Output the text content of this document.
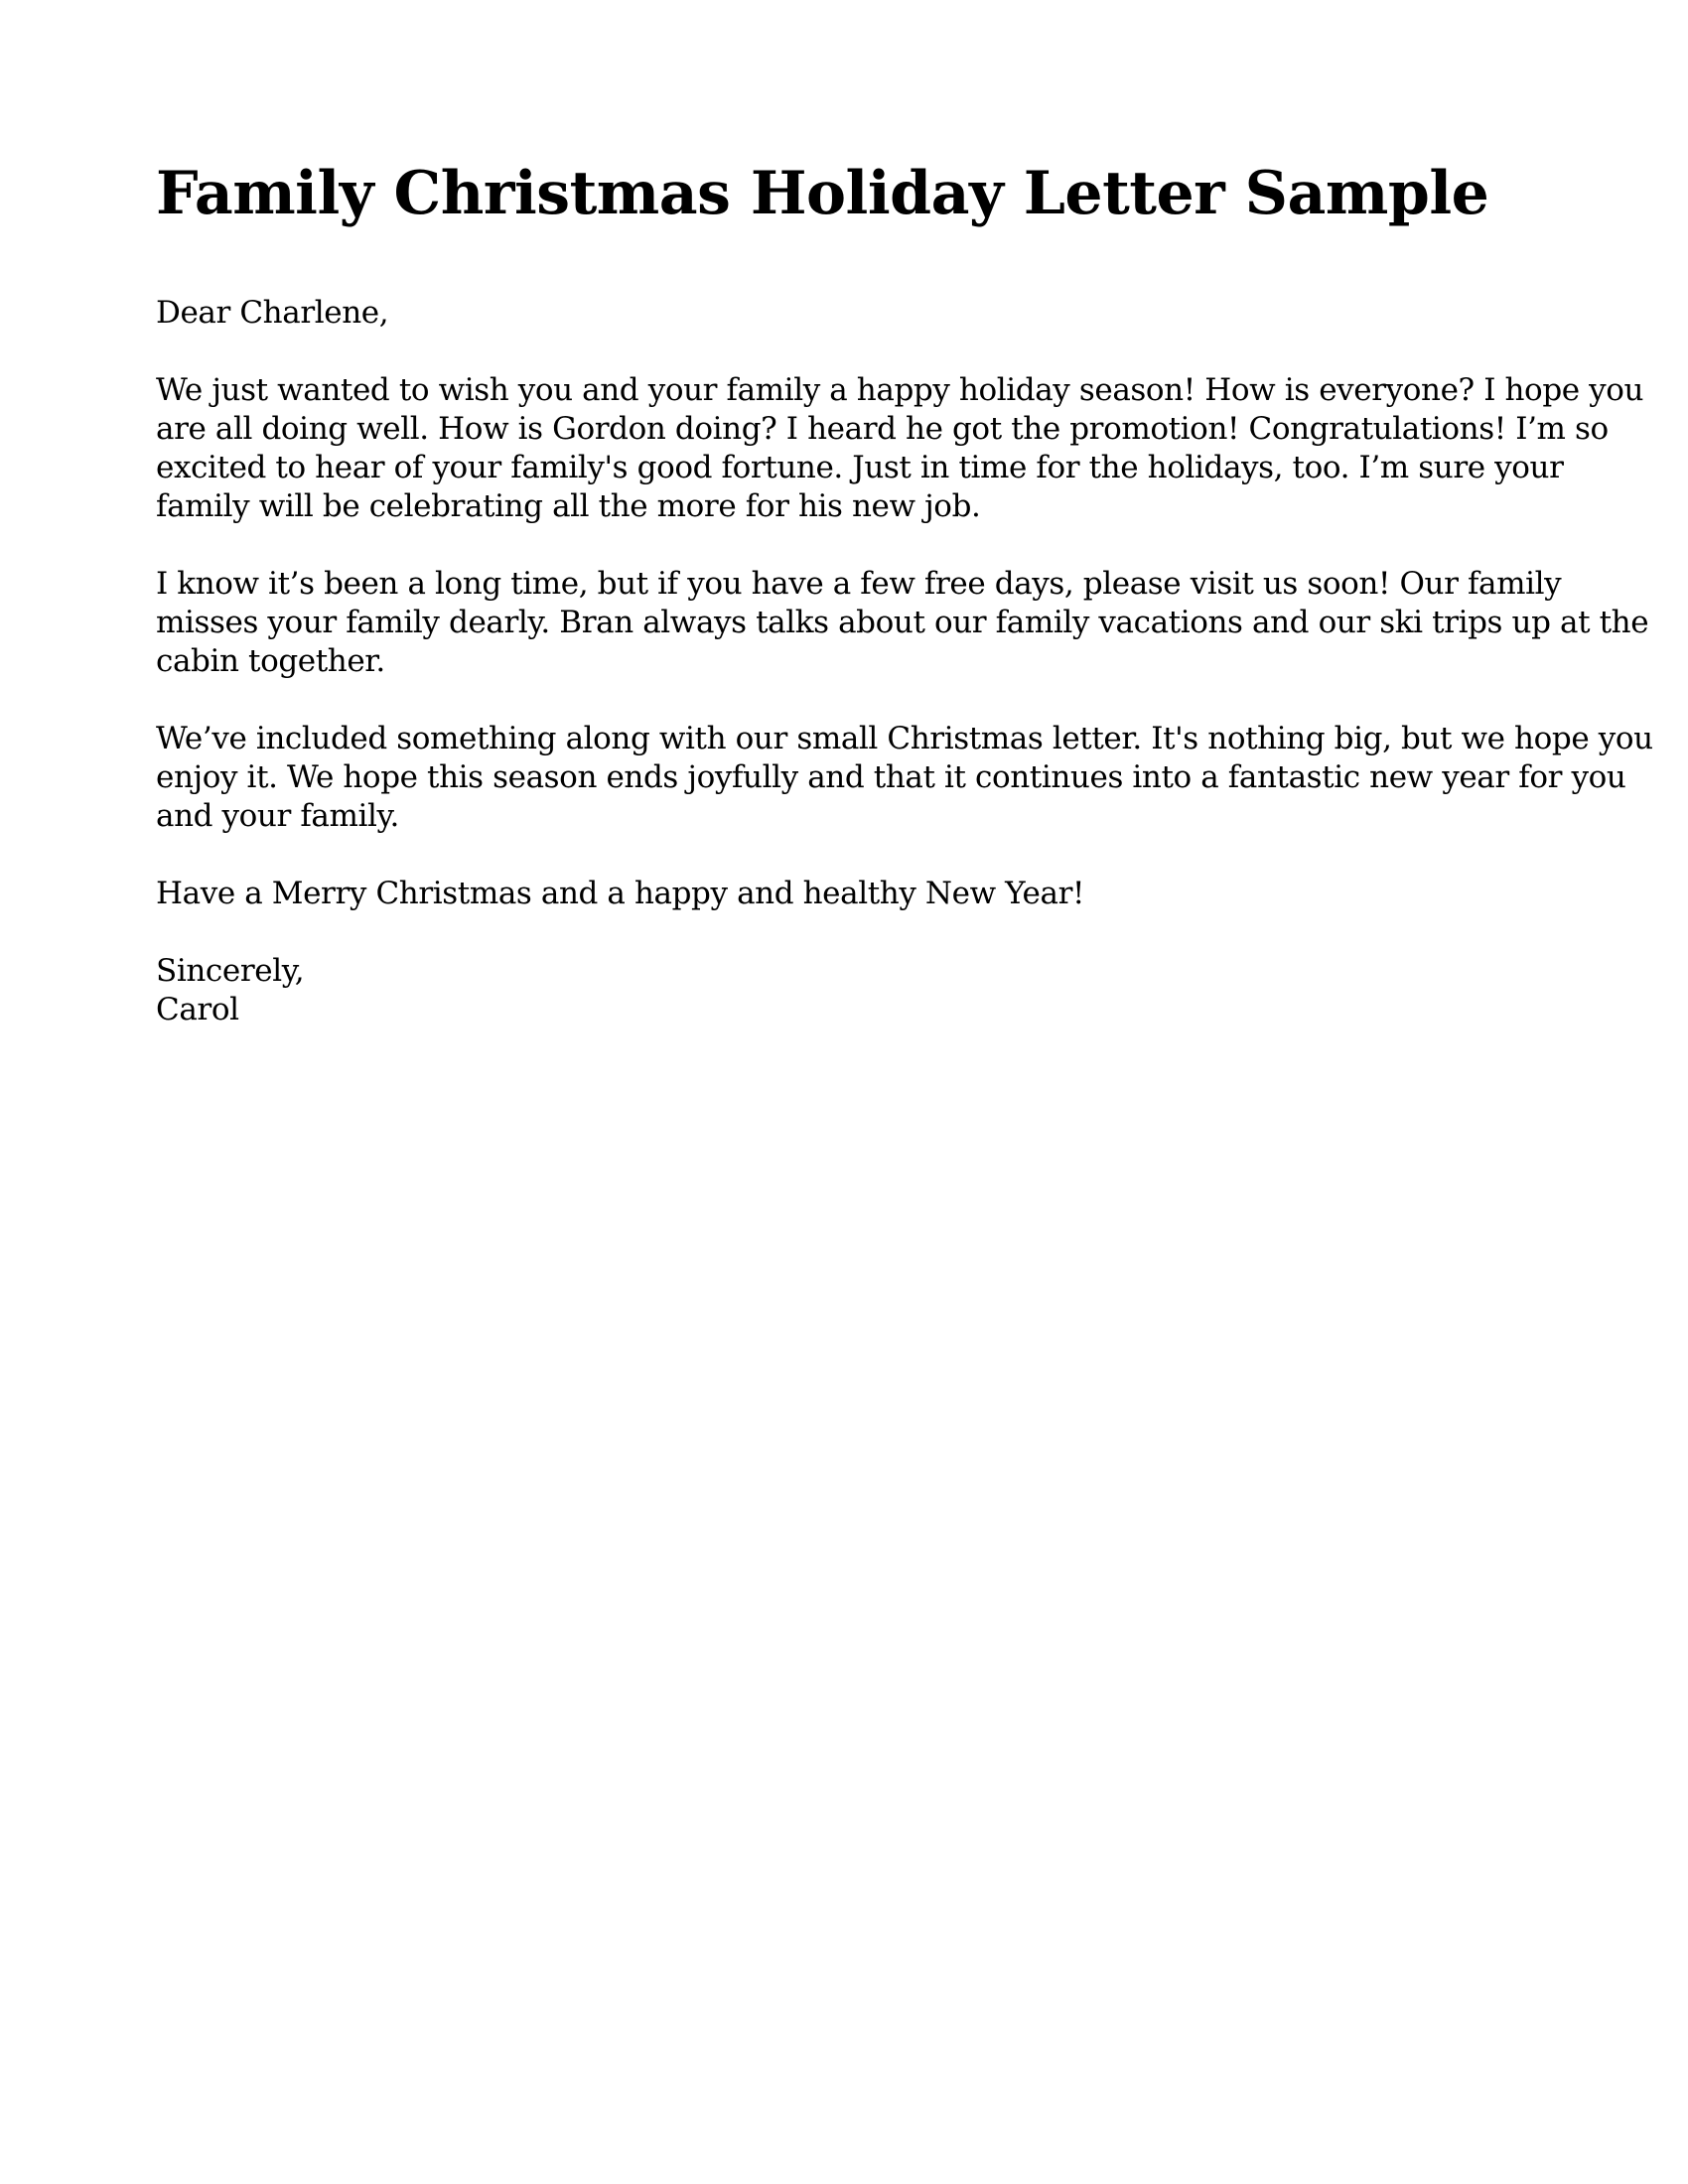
Family Christmas Holiday Letter Sample

Dear Charlene,

We just wanted to wish you and your family a happy holiday season! How is everyone? I hope you
are all doing well. How is Gordon doing? I heard he got the promotion! Congratulations! I’m so
excited to hear of your family's good fortune. Just in time for the holidays, too. I’m sure your
family will be celebrating all the more for his new job.

I know it’s been a long time, but if you have a few free days, please visit us soon! Our family
misses your family dearly. Bran always talks about our family vacations and our ski trips up at the
cabin together.

We’ve included something along with our small Christmas letter. It's nothing big, but we hope you
enjoy it. We hope this season ends joyfully and that it continues into a fantastic new year for you
and your family.

Have a Merry Christmas and a happy and healthy New Year!

Sincerely,
Carol
